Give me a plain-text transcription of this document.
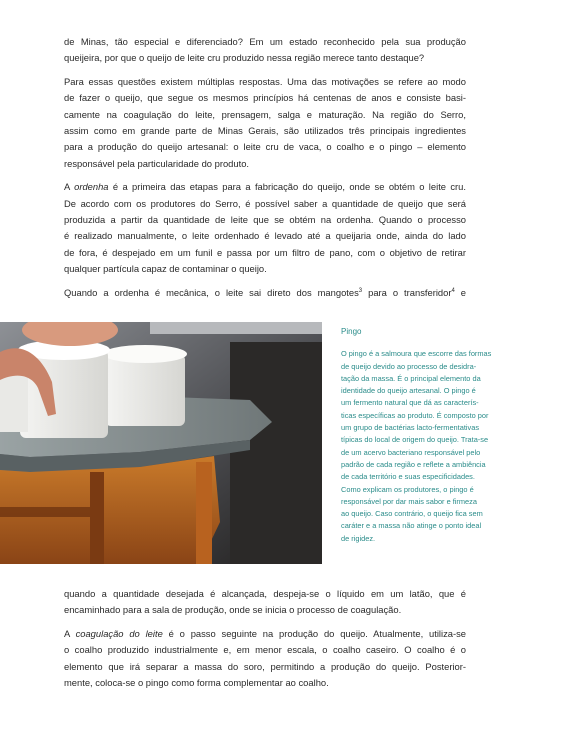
de Minas, tão especial e diferenciado? Em um estado reconhecido pela sua produção
queijeira, por que o queijo de leite cru produzido nessa região merece tanto destaque?

Para essas questões existem múltiplas respostas. Uma das motivações se refere ao modo
de fazer o queijo, que segue os mesmos princípios há centenas de anos e consiste basi-
camente na coagulação do leite, prensagem, salga e maturação. Na região do Serro,
assim como em grande parte de Minas Gerais, são utilizados três principais ingredientes
para a produção do queijo artesanal: o leite cru de vaca, o coalho e o pingo – elemento
responsável pela particularidade do produto.

A ordenha é a primeira das etapas para a fabricação do queijo, onde se obtém o leite cru.
De acordo com os produtores do Serro, é possível saber a quantidade de queijo que será
produzida a partir da quantidade de leite que se obtém na ordenha. Quando o processo
é realizado manualmente, o leite ordenhado é levado até a queijaria onde, ainda do lado
de fora, é despejado em um funil e passa por um filtro de pano, com o objetivo de retirar
qualquer partícula capaz de contaminar o queijo.

Quando a ordenha é mecânica, o leite sai direto dos mangotes$^3$ para o transferidor$^4$ e

Pingo
O pingo é a salmoura que escorre das formas
de queijo devido ao processo de desidra-
tação da massa. É o principal elemento da
identidade do queijo artesanal. O pingo é
um fermento natural que dá as caracterís-
ticas específicas ao produto. É composto por
um grupo de bactérias lacto-fermentativas
típicas do local de origem do queijo. Trata-se
de um acervo bacteriano responsável pelo
padrão de cada região e reflete a ambiência
de cada território e suas especificidades.
Como explicam os produtores, o pingo é
responsável por dar mais sabor e firmeza
ao queijo. Caso contrário, o queijo fica sem
caráter e a massa não atinge o ponto ideal
de rigidez.

quando a quantidade desejada é alcançada, despeja-se o líquido em um latão, que é
encaminhado para a sala de produção, onde se inicia o processo de coagulação.

A coagulação do leite é o passo seguinte na produção do queijo. Atualmente, utiliza-se
o coalho produzido industrialmente e, em menor escala, o coalho caseiro. O coalho é o
elemento que irá separar a massa do soro, permitindo a produção do queijo. Posterior-
mente, coloca-se o pingo como forma complementar ao coalho.
